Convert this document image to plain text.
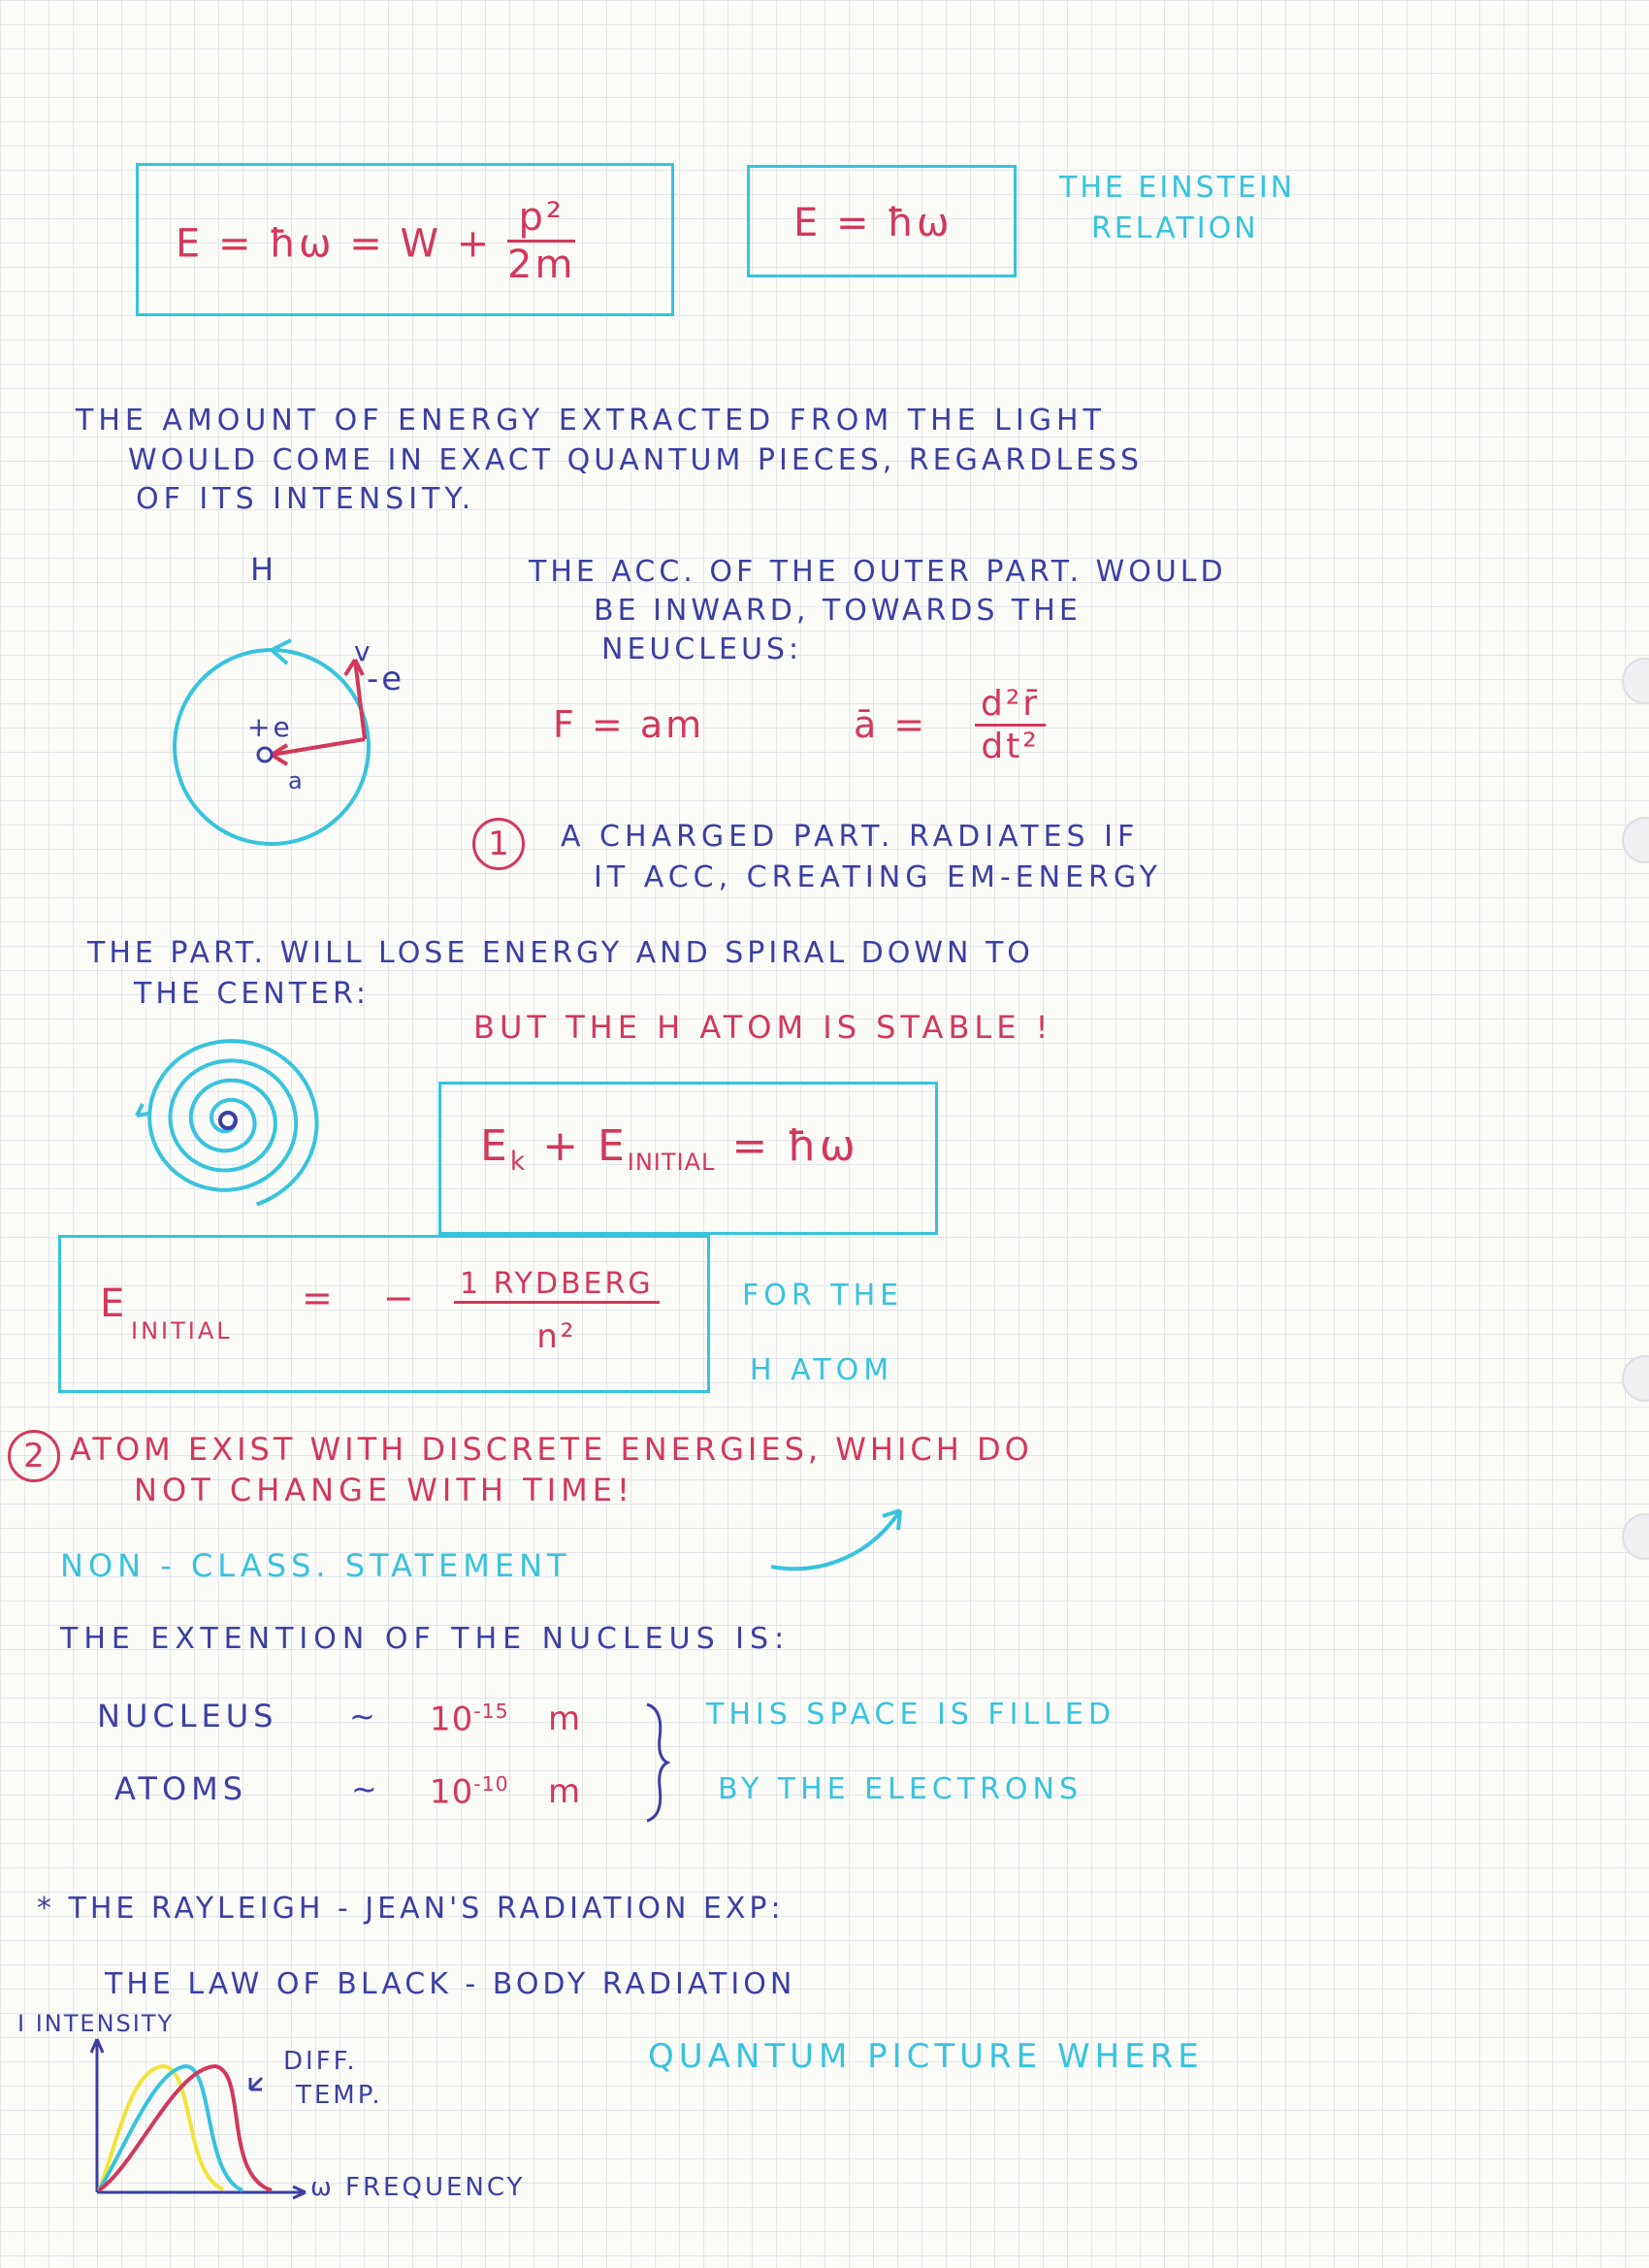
E = ħω = $W + \frac{\text{p²}}{2m}$	E = ħω
THE EINSTEIN
RELATION
THE AMOUNT OF ENERGY EXTRACTED FROM THE LIGHT
WOULD COME IN EXACT QUANTUM PIECES, REGARDLESS
OF ITS INTENSITY.
H
v
-e
+e
a
THE ACC. OF THE OUTER PART. WOULD
BE INWARD, TOWARDS THE
NEUCLEUS:
F = am	ā = $\frac{\text{d²r̄}}{\text{dt²}}$
1	A CHARGED PART. RADIATES IF
IT ACC, CREATING EM-ENERGY
THE PART. WILL LOSE ENERGY AND SPIRAL DOWN TO
THE CENTER:
BUT THE H ATOM IS STABLE !
$E_k + E_{INITIAL}$ = ħω
E
INITIAL
= − $\frac{\text{1 RYDBERG}}{\text{n²}}$	FOR THE
H ATOM
2 ATOM EXIST WITH DISCRETE ENERGIES, WHICH DO
NOT CHANGE WITH TIME!
NON - CLASS. STATEMENT
THE EXTENTION OF THE NUCLEUS IS:
NUCLEUS ~ $10^{-15}$ m
ATOMS	~ $10^{-10}$ m
THIS SPACE IS FILLED
BY THE ELECTRONS
* THE RAYLEIGH - JEAN'S RADIATION EXP:
THE LAW OF BLACK - BODY RADIATION
I INTENSITY
DIFF.
TEMP.
ω FREQUENCY
QUANTUM PICTURE WHERE
